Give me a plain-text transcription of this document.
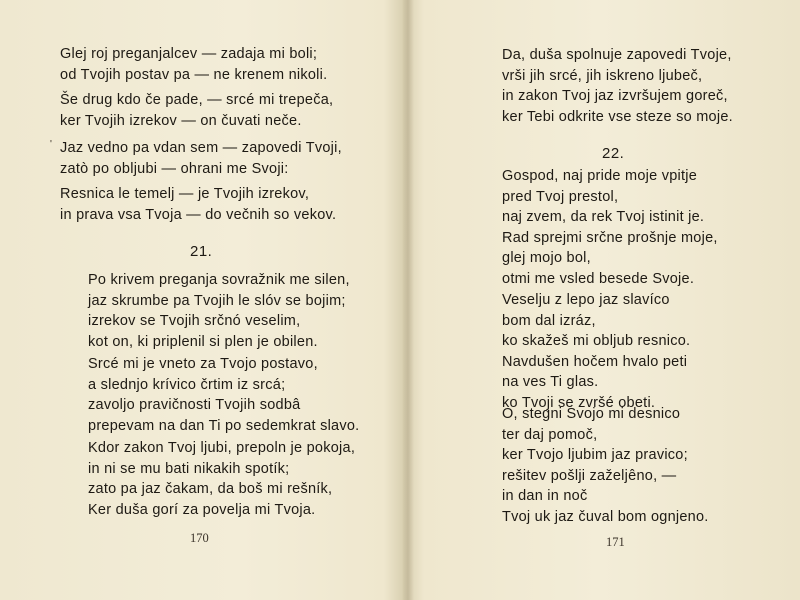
Glej roj preganjalcev — zadaja mi boli;
od Tvojih postav pa — ne krenem nikoli.

Še drug kdo če pade, — srcé mi trepeča,
ker Tvojih izrekov — on čuvati neče.

' Jaz vedno pa vdan sem — zapovedi Tvoji,
zatò po obljubi — ohrani me Svoji:

Resnica le temelj — je Tvojih izrekov,
in prava vsa Tvoja — do večnih so vekov.

21.

Po krivem preganja sovražnik me silen,
jaz skrumbe pa Tvojih le slóv se bojim;
izrekov se Tvojih srčnó veselim,
kot on, ki priplenil si plen je obilen.

Srcé mi je vneto za Tvojo postavo,
a slednjo krívico črtim iz srcá;
zavoljo pravičnosti Tvojih sodbâ
prepevam na dan Ti po sedemkrat slavo.

Kdor zakon Tvoj ljubi, prepoln je pokoja,
in ni se mu bati nikakih spotík;
zato pa jaz čakam, da boš mi rešník,
Ker duša gorí za povelja mi Tvoja.

170

Da, duša spolnuje zapovedi Tvoje,
vrši jih srcé, jih iskreno ljubeč,
in zakon Tvoj jaz izvršujem goreč,
ker Tebi odkrite vse steze so moje.

22.

Gospod, naj pride moje vpitje
pred Tvoj prestol,
naj zvem, da rek Tvoj istinit je.
Rad sprejmi srčne prošnje moje,
glej mojo bol,
otmi me vsled besede Svoje.

Veselju z lepo jaz slavíco
bom dal izráz,
ko skažeš mi obljub resnico.
Navdušen hočem hvalo peti
na ves Ti glas.
ko Tvoji se zvršé obeti.

O, stegni Svojo mi desnico
ter daj pomoč,
ker Tvojo ljubim jaz pravico;
rešitev pošlji zaželjêno, —
in dan in noč
Tvoj uk jaz čuval bom ognjeno.

171
